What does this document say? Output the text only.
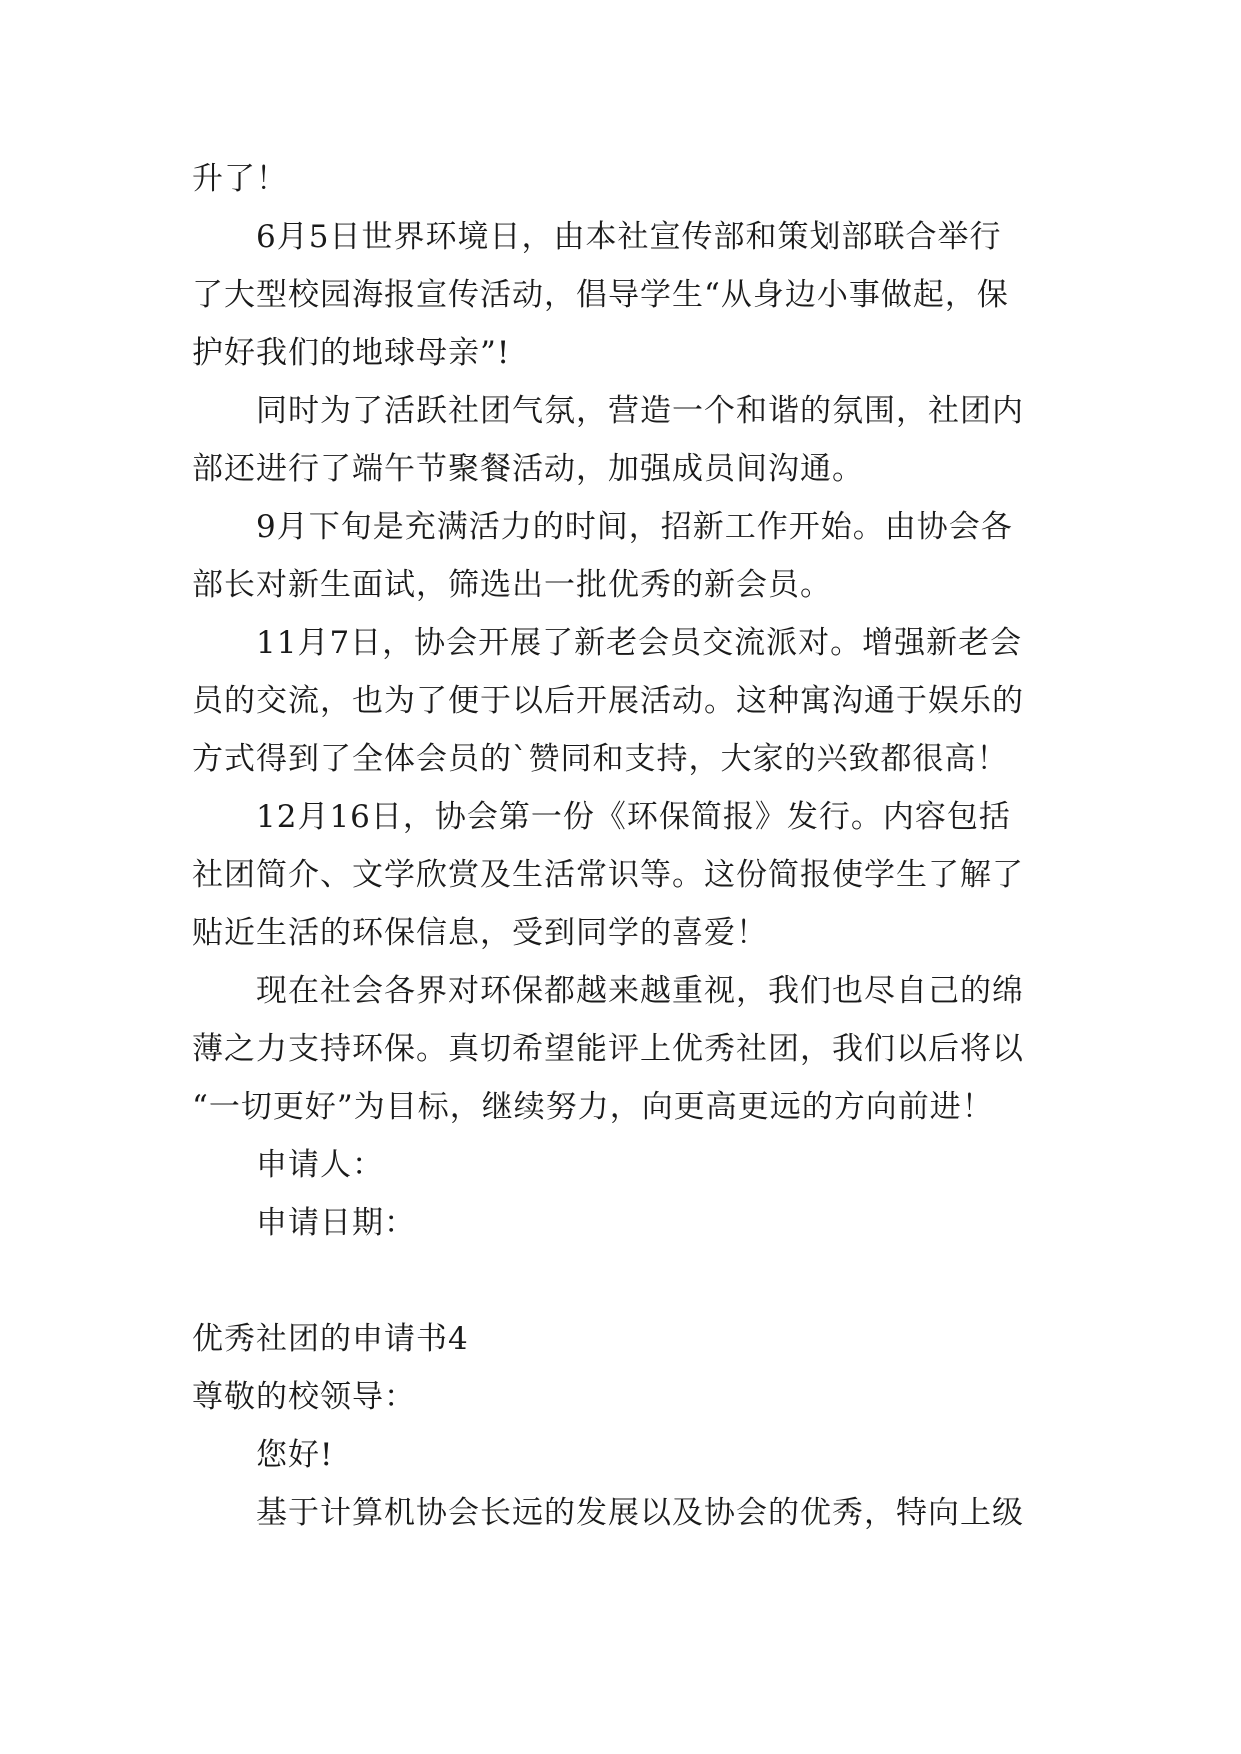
升了！
6月5日世界环境日，由本社宣传部和策划部联合举行
了大型校园海报宣传活动，倡导学生“从身边小事做起，保
护好我们的地球母亲”!
同时为了活跃社团气氛，营造一个和谐的氛围，社团内
部还进行了端午节聚餐活动，加强成员间沟通。
9月下旬是充满活力的时间，招新工作开始。由协会各
部长对新生面试，筛选出一批优秀的新会员。
11月7日，协会开展了新老会员交流派对。增强新老会
员的交流，也为了便于以后开展活动。这种寓沟通于娱乐的
方式得到了全体会员的`赞同和支持，大家的兴致都很高！
12月16日，协会第一份《环保简报》发行。内容包括
社团简介、文学欣赏及生活常识等。这份简报使学生了解了
贴近生活的环保信息，受到同学的喜爱！
现在社会各界对环保都越来越重视，我们也尽自己的绵
薄之力支持环保。真切希望能评上优秀社团，我们以后将以
“一切更好”为目标，继续努力，向更高更远的方向前进！
申请人：
申请日期：
优秀社团的申请书4
尊敬的校领导：
您好!
基于计算机协会长远的发展以及协会的优秀，特向上级
